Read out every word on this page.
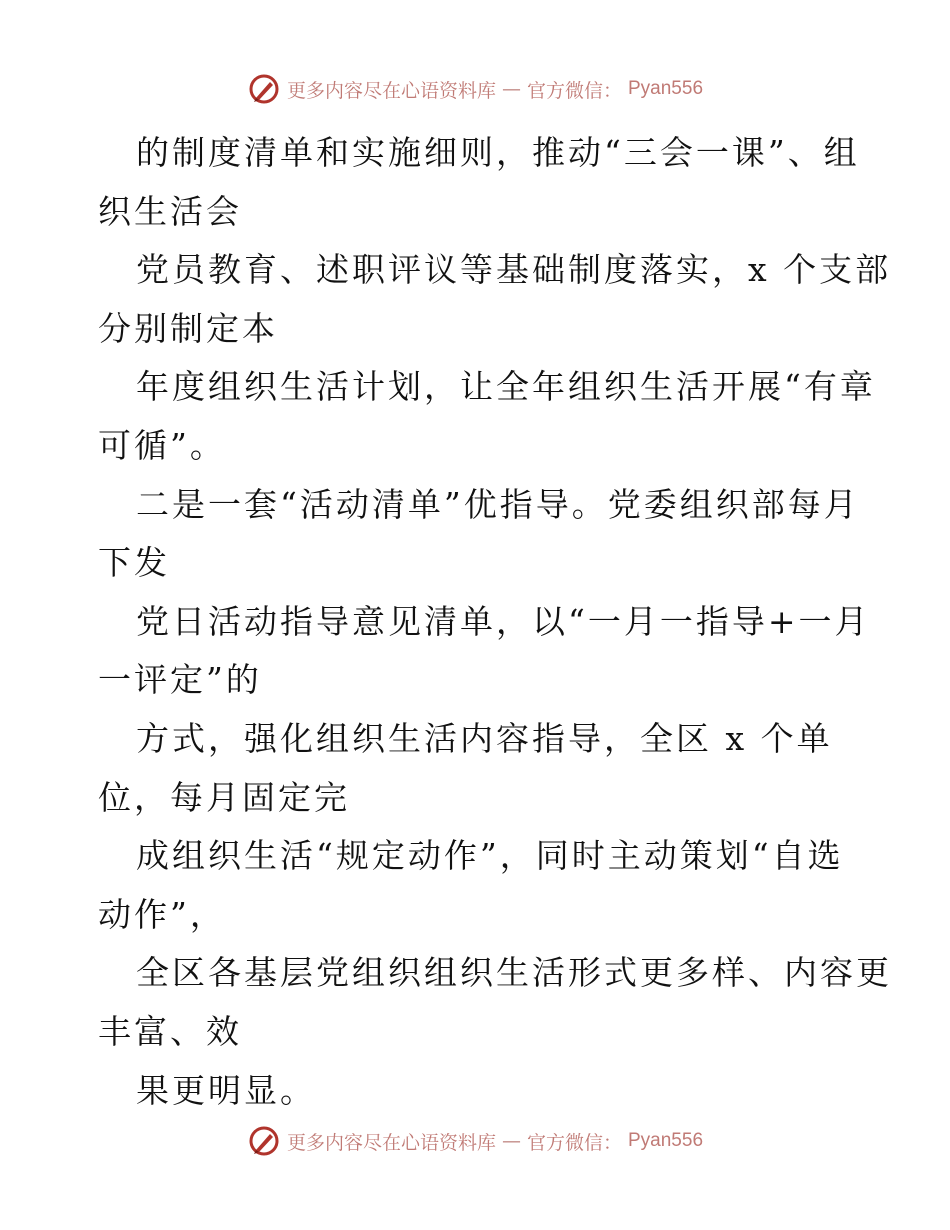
更多内容尽在心语资料库 — 官方微信： Pyan556
的制度清单和实施细则，推动“三会一课”、组
织生活会
党员教育、述职评议等基础制度落实，x 个支部
分别制定本
年度组织生活计划，让全年组织生活开展“有章
可循”。
二是一套“活动清单”优指导。党委组织部每月
下发
党日活动指导意见清单，以“一月一指导+一月
一评定”的
方式，强化组织生活内容指导，全区 x 个单
位，每月固定完
成组织生活“规定动作”，同时主动策划“自选
动作”，
全区各基层党组织组织生活形式更多样、内容更
丰富、效
果更明显。
更多内容尽在心语资料库 — 官方微信： Pyan556
